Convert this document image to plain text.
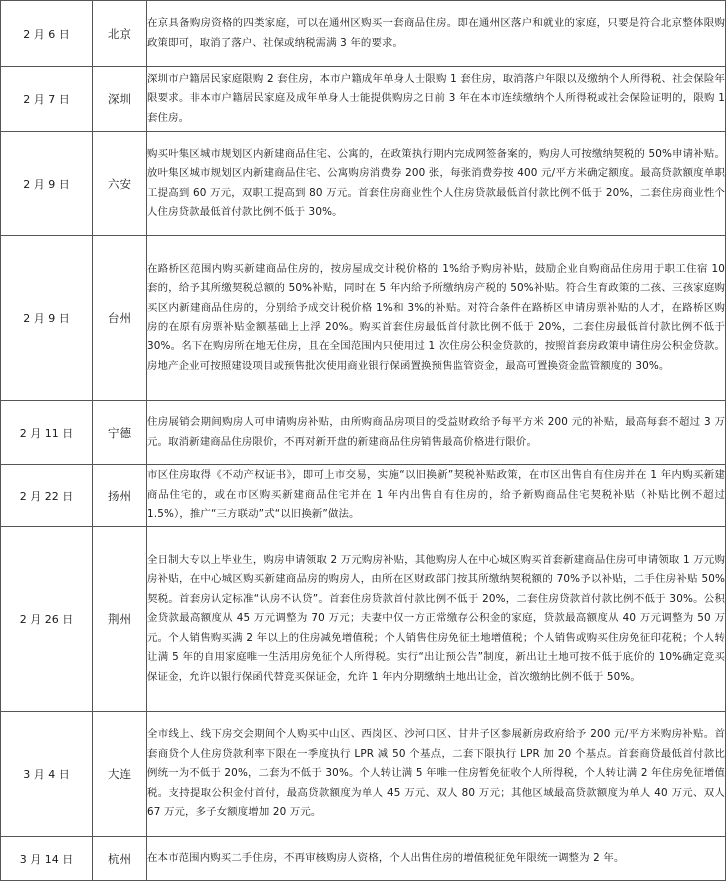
2 月 6 日	北京	在京具备购房资格的四类家庭，可以在通州区购买一套商品住房。即在通州区落户和就业的家庭，只要是符合北京整体限购政策即可，取消了落户、社保或纳税需满 3 年的要求。
2 月 7 日	深圳	深圳市户籍居民家庭限购 2 套住房，本市户籍成年单身人士限购 1 套住房，取消落户年限以及缴纳个人所得税、社会保险年限要求。非本市户籍居民家庭及成年单身人士能提供购房之日前 3 年在本市连续缴纳个人所得税或社会保险证明的，限购 1 套住房。
2 月 9 日	六安	购买叶集区城市规划区内新建商品住宅、公寓的，在政策执行期内完成网签备案的，购房人可按缴纳契税的 50%申请补贴。放叶集区城市规划区内新建商品住宅、公寓购房消费券 200 张，每张消费券按 400 元/平方米确定额度。最高贷款额度单职工提高到 60 万元，双职工提高到 80 万元。首套住房商业性个人住房贷款最低首付款比例不低于 20%，二套住房商业性个人住房贷款最低首付款比例不低于 30%。
2 月 9 日	台州	在路桥区范围内购买新建商品住房的，按房屋成交计税价格的 1%给予购房补贴，鼓励企业自购商品住房用于职工住宿 10 套的，给予其所缴契税总额的 50%补贴，同时在 5 年内给予所缴纳房产税的 50%补贴。符合生育政策的二孩、三孩家庭购买区内新建商品住房的，分别给予成交计税价格 1%和 3%的补贴。对符合条件在路桥区申请房票补贴的人才，在路桥区购房的在原有房票补贴金额基础上上浮 20%。购买首套住房最低首付款比例不低于 20%，二套住房最低首付款比例不低于 30%。名下在购房所在地无住房，且在全国范围内只使用过 1 次住房公积金贷款的，按照首套房政策申请住房公积金贷款。房地产企业可按照建设项目或预售批次使用商业银行保函置换预售监管资金，最高可置换资金监管额度的 30%。
2 月 11 日	宁德	住房展销会期间购房人可申请购房补贴，由所购商品房项目的受益财政给予每平方米 200 元的补贴，最高每套不超过 3 万元。取消新建商品住房限价，不再对新开盘的新建商品住房销售最高价格进行限价。
2 月 22 日	扬州	市区住房取得《不动产权证书》，即可上市交易，实施“以旧换新”契税补贴政策，在市区出售自有住房并在 1 年内购买新建商品住宅的，或在市区购买新建商品住宅并在 1 年内出售自有住房的，给予新购商品住宅契税补贴（补贴比例不超过 1.5%），推广“三方联动”式“以旧换新”做法。
2 月 26 日	荆州	全日制大专以上毕业生，购房申请领取 2 万元购房补贴，其他购房人在中心城区购买首套新建商品住房可申请领取 1 万元购房补贴，在中心城区购买新建商品房的购房人，由所在区财政部门按其所缴纳契税额的 70%予以补贴，二手住房补贴 50%契税。首套房认定标准“认房不认贷”。首套住房贷款首付款比例不低于 20%，二套住房贷款首付款比例不低于 30%。公积金贷款最高额度从 45 万元调整为 70 万元；夫妻中仅一方正常缴存公积金的家庭，贷款最高额度从 40 万元调整为 50 万元。个人销售购买满 2 年以上的住房减免增值税；个人销售住房免征土地增值税；个人销售或购买住房免征印花税；个人转让满 5 年的自用家庭唯一生活用房免征个人所得税。实行“出让预公告”制度，新出让土地可按不低于底价的 10%确定竞买保证金，允许以银行保函代替竞买保证金，允许 1 年内分期缴纳土地出让金，首次缴纳比例不低于 50%。
3 月 4 日	大连	全市线上、线下房交会期间个人购买中山区、西岗区、沙河口区、甘井子区参展新房政府给予 200 元/平方米购房补贴。首套商贷个人住房贷款利率下限在一季度执行 LPR 减 50 个基点，二套下限执行 LPR 加 20 个基点。首套商贷最低首付款比例统一为不低于 20%，二套为不低于 30%。个人转让满 5 年唯一住房暂免征收个人所得税，个人转让满 2 年住房免征增值税。支持提取公积金付首付，最高贷款额度为单人 45 万元、双人 80 万元；其他区域最高贷款额度为单人 40 万元、双人 67 万元，多子女额度增加 20 万元。
3 月 14 日	杭州	在本市范围内购买二手住房，不再审核购房人资格，个人出售住房的增值税征免年限统一调整为 2 年。
